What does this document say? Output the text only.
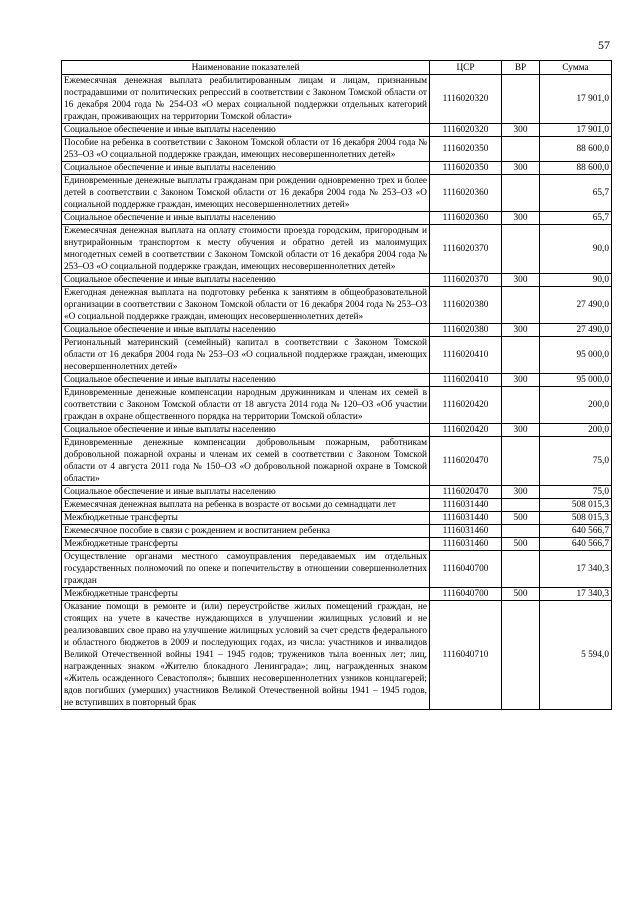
57
Наименование показателей	ЦСР	ВР	Сумма
Ежемесячная денежная выплата реабилитированным лицам и лицам, признанным пострадавшими от политических репрессий в соответствии с Законом Томской области от 16 декабря 2004 года № 254-ОЗ «О мерах социальной поддержки отдельных категорий граждан, проживающих на территории Томской области»	1116020320		17 901,0
Социальное обеспечение и иные выплаты населению	1116020320	300	17 901,0
Пособие на ребенка в соответствии с Законом Томской области от 16 декабря 2004 года № 253–ОЗ «О социальной поддержке граждан, имеющих несовершеннолетних детей»	1116020350		88 600,0
Социальное обеспечение и иные выплаты населению	1116020350	300	88 600,0
Единовременные денежные выплаты гражданам при рождении одновременно трех и более детей в соответствии с Законом Томской области от 16 декабря 2004 года № 253–ОЗ «О социальной поддержке граждан, имеющих несовершеннолетних детей»	1116020360		65,7
Социальное обеспечение и иные выплаты населению	1116020360	300	65,7
Ежемесячная денежная выплата на оплату стоимости проезда городским, пригородным и внутрирайонным транспортом к месту обучения и обратно детей из малоимущих многодетных семей в соответствии с Законом Томской области от 16 декабря 2004 года № 253–ОЗ «О социальной поддержке граждан, имеющих несовершеннолетних детей»	1116020370		90,0
Социальное обеспечение и иные выплаты населению	1116020370	300	90,0
Ежегодная денежная выплата на подготовку ребенка к занятиям в общеобразовательной организации в соответствии с Законом Томской области от 16 декабря 2004 года № 253–ОЗ «О социальной поддержке граждан, имеющих несовершеннолетних детей»	1116020380		27 490,0
Социальное обеспечение и иные выплаты населению	1116020380	300	27 490,0
Региональный материнский (семейный) капитал в соответствии с Законом Томской области от 16 декабря 2004 года № 253–ОЗ «О социальной поддержке граждан, имеющих несовершеннолетних детей»	1116020410		95 000,0
Социальное обеспечение и иные выплаты населению	1116020410	300	95 000,0
Единовременные денежные компенсации народным дружинникам и членам их семей в соответствии с Законом Томской области от 18 августа 2014 года № 120–ОЗ «Об участии граждан в охране общественного порядка на территории Томской области»	1116020420		200,0
Социальное обеспечение и иные выплаты населению	1116020420	300	200,0
Единовременные денежные компенсации добровольным пожарным, работникам добровольной пожарной охраны и членам их семей в соответствии с Законом Томской области от 4 августа 2011 года № 150–ОЗ «О добровольной пожарной охране в Томской области»	1116020470		75,0
Социальное обеспечение и иные выплаты населению	1116020470	300	75,0
Ежемесячная денежная выплата на ребенка в возрасте от восьми до семнадцати лет	1116031440		508 015,3
Межбюджетные трансферты	1116031440	500	508 015,3
Ежемесячное пособие в связи с рождением и воспитанием ребенка	1116031460		640 566,7
Межбюджетные трансферты	1116031460	500	640 566,7
Осуществление органами местного самоуправления передаваемых им отдельных государственных полномочий по опеке и попечительству в отношении совершеннолетних граждан	1116040700		17 340,3
Межбюджетные трансферты	1116040700	500	17 340,3
Оказание помощи в ремонте и (или) переустройстве жилых помещений граждан, не стоящих на учете в качестве нуждающихся в улучшении жилищных условий и не реализовавших свое право на улучшение жилищных условий за счет средств федерального и областного бюджетов в 2009 и последующих годах, из числа: участников и инвалидов Великой Отечественной войны 1941 – 1945 годов; тружеников тыла военных лет; лиц, награжденных знаком «Жителю блокадного Ленинграда»; лиц, награжденных знаком «Житель осажденного Севастополя»; бывших несовершеннолетних узников концлагерей; вдов погибших (умерших) участников Великой Отечественной войны 1941 – 1945 годов, не вступивших в повторный брак	1116040710		5 594,0
